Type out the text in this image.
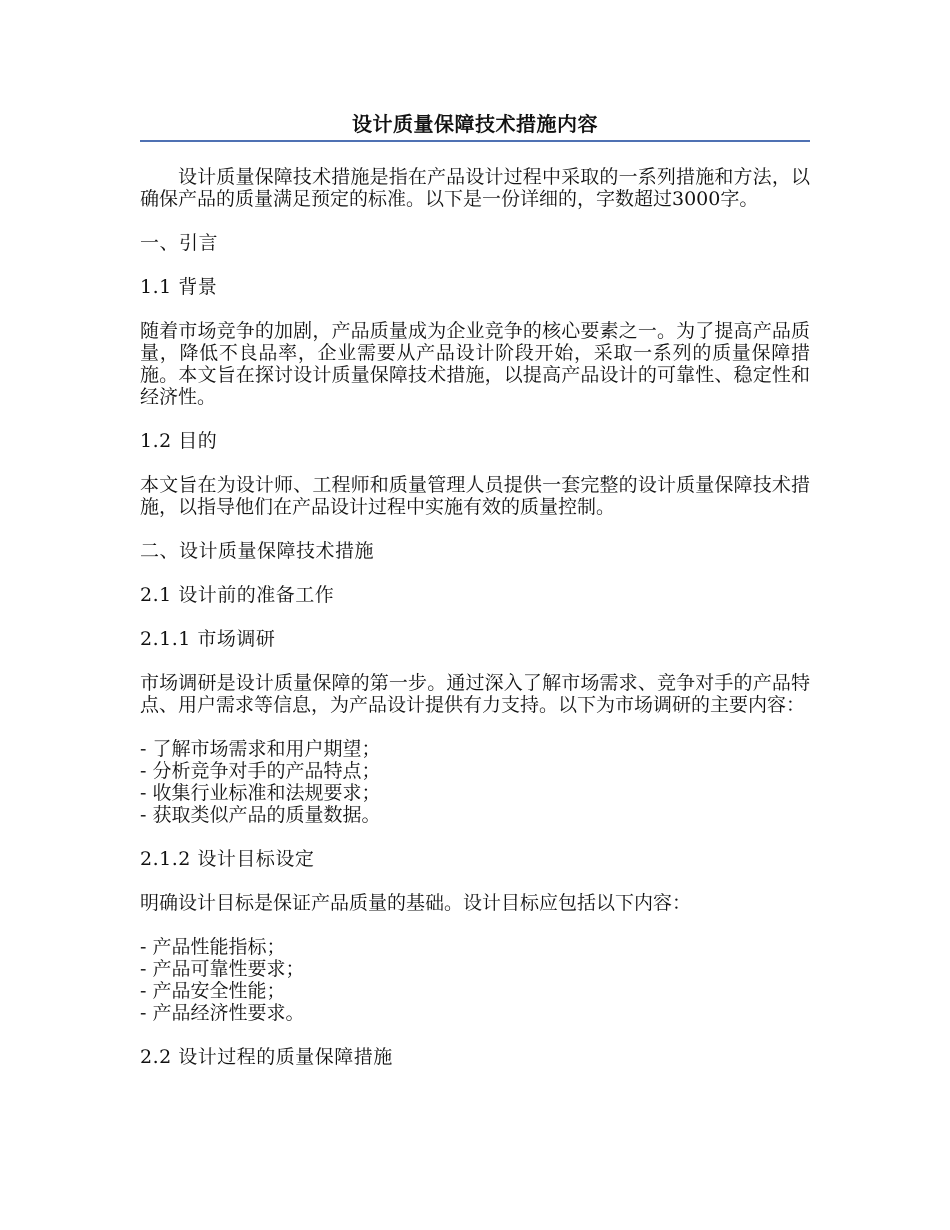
设计质量保障技术措施内容

设计质量保障技术措施是指在产品设计过程中采取的一系列措施和方法，以确保产品的质量满足预定的标准。以下是一份详细的，字数超过3000字。

一、引言

1.1 背景

随着市场竞争的加剧，产品质量成为企业竞争的核心要素之一。为了提高产品质量，降低不良品率，企业需要从产品设计阶段开始，采取一系列的质量保障措施。本文旨在探讨设计质量保障技术措施，以提高产品设计的可靠性、稳定性和经济性。

1.2 目的

本文旨在为设计师、工程师和质量管理人员提供一套完整的设计质量保障技术措施，以指导他们在产品设计过程中实施有效的质量控制。

二、设计质量保障技术措施

2.1 设计前的准备工作

2.1.1 市场调研

市场调研是设计质量保障的第一步。通过深入了解市场需求、竞争对手的产品特点、用户需求等信息，为产品设计提供有力支持。以下为市场调研的主要内容：

- 了解市场需求和用户期望；
- 分析竞争对手的产品特点；
- 收集行业标准和法规要求；
- 获取类似产品的质量数据。

2.1.2 设计目标设定

明确设计目标是保证产品质量的基础。设计目标应包括以下内容：

- 产品性能指标；
- 产品可靠性要求；
- 产品安全性能；
- 产品经济性要求。

2.2 设计过程的质量保障措施
